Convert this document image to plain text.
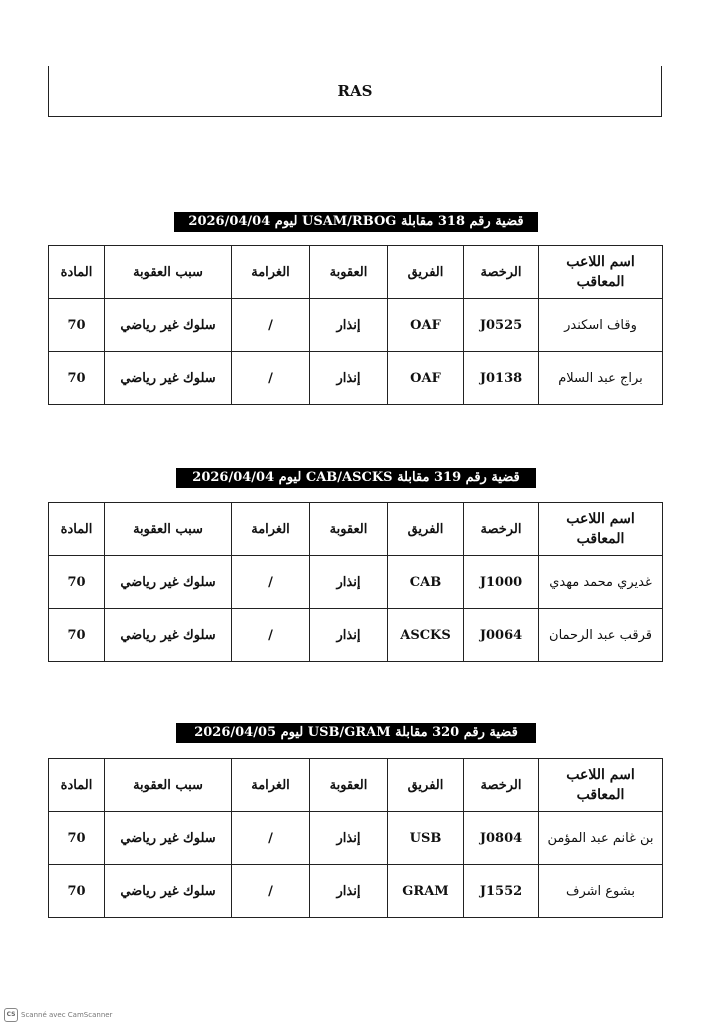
RAS
قضية رقم 318 مقابلة USAM/RBOG ليوم 2026/04/04
اسم اللاعب المعاقب	الرخصة	الفريق	العقوبة	الغرامة	سبب العقوبة	المادة
وقاف اسكندر	J0525	OAF	إنذار	/	سلوك غير رياضي	70
براج عبد السلام	J0138	OAF	إنذار	/	سلوك غير رياضي	70
قضية رقم 319 مقابلة CAB/ASCKS ليوم 2026/04/04
اسم اللاعب المعاقب	الرخصة	الفريق	العقوبة	الغرامة	سبب العقوبة	المادة
غديري محمد مهدي	J1000	CAB	إنذار	/	سلوك غير رياضي	70
قرقب عبد الرحمان	J0064	ASCKS	إنذار	/	سلوك غير رياضي	70
قضية رقم 320 مقابلة USB/GRAM ليوم 2026/04/05
اسم اللاعب المعاقب	الرخصة	الفريق	العقوبة	الغرامة	سبب العقوبة	المادة
بن غانم عبد المؤمن	J0804	USB	إنذار	/	سلوك غير رياضي	70
بشوع اشرف	J1552	GRAM	إنذار	/	سلوك غير رياضي	70
CS Scanné avec CamScanner
